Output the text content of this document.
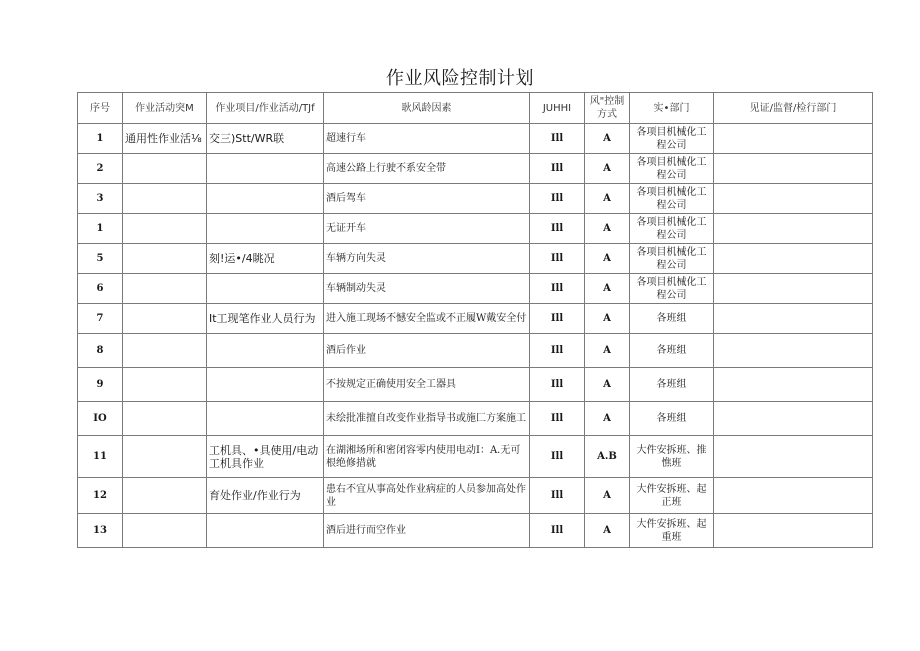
作业风险控制计划
序号	作业活动突M	作业项目/作业活动/TJf	耿风龄因素	JUHHI	风"控制方式	实•部门	见证/监督/检行部门
1	通用性作业活⅛	交三)Stt/WR联	超速行车	Ill	A	各项目机械化工程公司	
2			高速公路上行驶不系安全带	Ill	A	各项目机械化工程公司	
3			酒后驾车	Ill	A	各项目机械化工程公司	
1			无证开车	Ill	A	各项目机械化工程公司	
5		刻!运•/4眺况	车辆方向失灵	Ill	A	各项目机械化工程公司	
6			车辆制动失灵	Ill	A	各项目机械化工程公司	
7		It工现笔作业人员行为	进入施工现场不憾安全监或不正履W戴安全付	Ill	A	各班组	
8			酒后作业	Ill	A	各班组	
9			不按规定正确使用安全工器具	Ill	A	各班组	
IO			未绘批准擅自改变作业指导书或施匚方案施工	Ill	A	各班组	
11		工机具、•具使用/电动工机具作业	在湖湘场所和密闭容零内使用电动I：A.无可根绝修措就	Ill	A.B	大件安拆班、推憔班	
12		育处作业/作业行为	患右不宜从事高处作业病症的人员参加高处作业	Ill	A	大件安拆班、起正班	
13			酒后进行而空作业	Ill	A	大件安拆班、起重班	
